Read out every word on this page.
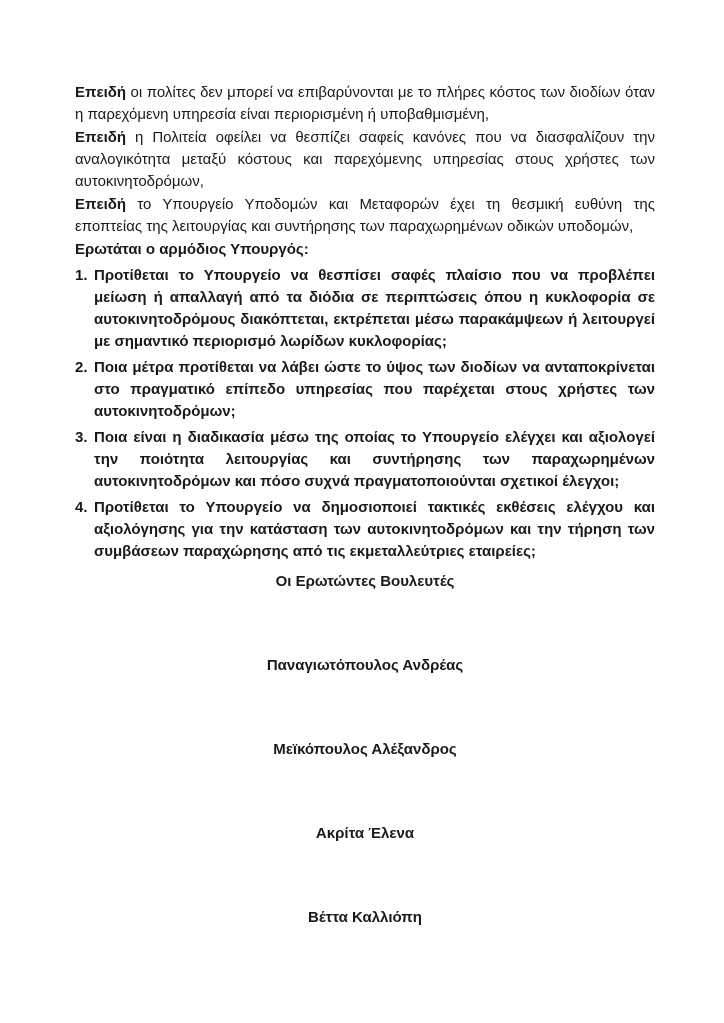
Επειδή οι πολίτες δεν μπορεί να επιβαρύνονται με το πλήρες κόστος των διοδίων όταν η παρεχόμενη υπηρεσία είναι περιορισμένη ή υποβαθμισμένη,

Επειδή η Πολιτεία οφείλει να θεσπίζει σαφείς κανόνες που να διασφαλίζουν την αναλογικότητα μεταξύ κόστους και παρεχόμενης υπηρεσίας στους χρήστες των αυτοκινητοδρόμων,

Επειδή το Υπουργείο Υποδομών και Μεταφορών έχει τη θεσμική ευθύνη της εποπτείας της λειτουργίας και συντήρησης των παραχωρημένων οδικών υποδομών,

Ερωτάται ο αρμόδιος Υπουργός:

1. Προτίθεται το Υπουργείο να θεσπίσει σαφές πλαίσιο που να προβλέπει μείωση ή απαλλαγή από τα διόδια σε περιπτώσεις όπου η κυκλοφορία σε αυτοκινητοδρόμους διακόπτεται, εκτρέπεται μέσω παρακάμψεων ή λειτουργεί με σημαντικό περιορισμό λωρίδων κυκλοφορίας;
2. Ποια μέτρα προτίθεται να λάβει ώστε το ύψος των διοδίων να ανταποκρίνεται στο πραγματικό επίπεδο υπηρεσίας που παρέχεται στους χρήστες των αυτοκινητοδρόμων;
3. Ποια είναι η διαδικασία μέσω της οποίας το Υπουργείο ελέγχει και αξιολογεί την ποιότητα λειτουργίας και συντήρησης των παραχωρημένων αυτοκινητοδρόμων και πόσο συχνά πραγματοποιούνται σχετικοί έλεγχοι;
4. Προτίθεται το Υπουργείο να δημοσιοποιεί τακτικές εκθέσεις ελέγχου και αξιολόγησης για την κατάσταση των αυτοκινητοδρόμων και την τήρηση των συμβάσεων παραχώρησης από τις εκμεταλλεύτριες εταιρείες;

Οι Ερωτώντες Βουλευτές

Παναγιωτόπουλος Ανδρέας

Μεϊκόπουλος Αλέξανδρος

Ακρίτα Έλενα

Βέττα Καλλιόπη
